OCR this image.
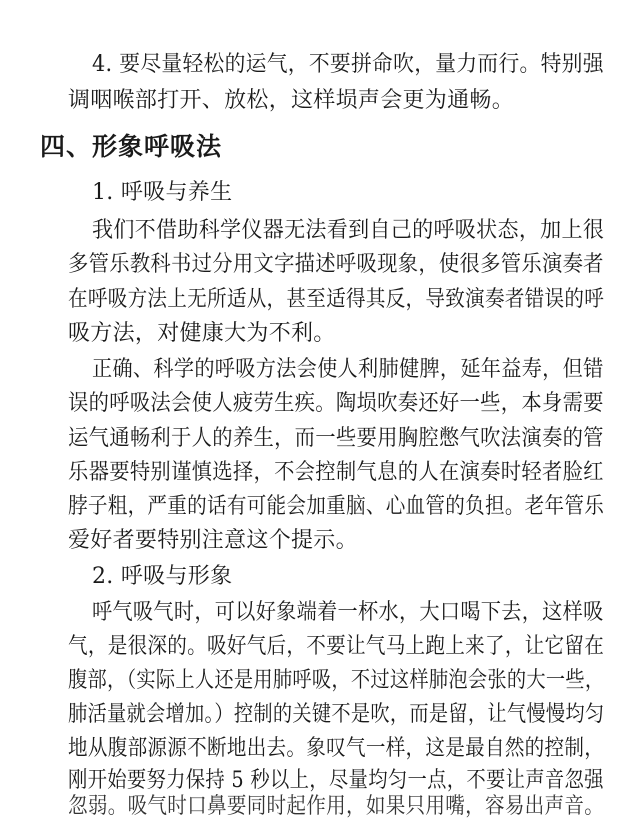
4. 要尽量轻松的运气，不要拼命吹，量力而行。特别强
调咽喉部打开、放松，这样埙声会更为通畅。
四、形象呼吸法
1. 呼吸与养生
我们不借助科学仪器无法看到自己的呼吸状态，加上很
多管乐教科书过分用文字描述呼吸现象，使很多管乐演奏者
在呼吸方法上无所适从，甚至适得其反，导致演奏者错误的呼
吸方法，对健康大为不利。
正确、科学的呼吸方法会使人利肺健脾，延年益寿，但错
误的呼吸法会使人疲劳生疾。陶埙吹奏还好一些，本身需要
运气通畅利于人的养生，而一些要用胸腔憋气吹法演奏的管
乐器要特别谨慎选择，不会控制气息的人在演奏时轻者脸红
脖子粗，严重的话有可能会加重脑、心血管的负担。老年管乐
爱好者要特别注意这个提示。
2. 呼吸与形象
呼气吸气时，可以好象端着一杯水，大口喝下去，这样吸
气，是很深的。吸好气后，不要让气马上跑上来了，让它留在
腹部，（实际上人还是用肺呼吸，不过这样肺泡会张的大一些，
肺活量就会增加。）控制的关键不是吹，而是留，让气慢慢均匀
地从腹部源源不断地出去。象叹气一样，这是最自然的控制，
刚开始要努力保持 5 秒以上，尽量均匀一点，不要让声音忽强
忽弱。吸气时口鼻要同时起作用，如果只用嘴，容易出声音。
